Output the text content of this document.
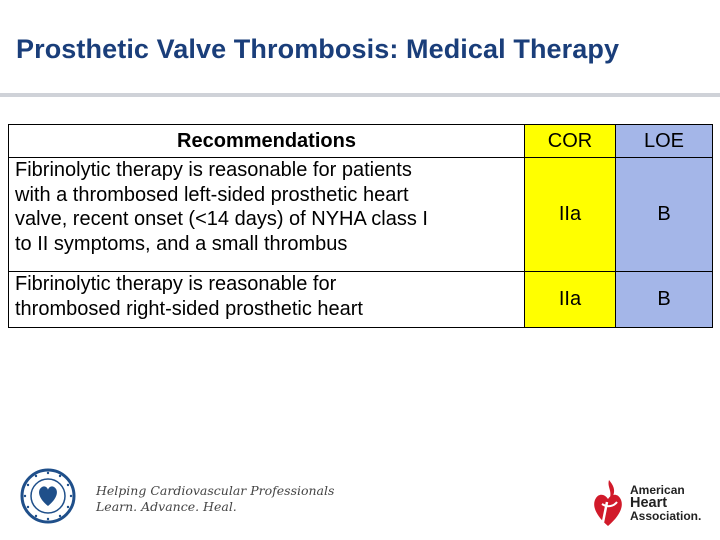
Prosthetic Valve Thrombosis: Medical Therapy
Recommendations	COR	LOE

Fibrinolytic therapy is reasonable for patients
with a thrombosed left-sided prosthetic heart
valve, recent onset (<14 days) of NYHA class I
to II symptoms, and a small thrombus	IIa	B

Fibrinolytic therapy is reasonable for
thrombosed right-sided prosthetic heart	IIa	B
Helping Cardiovascular Professionals
Learn. Advance. Heal.
American
Heart
Association.
